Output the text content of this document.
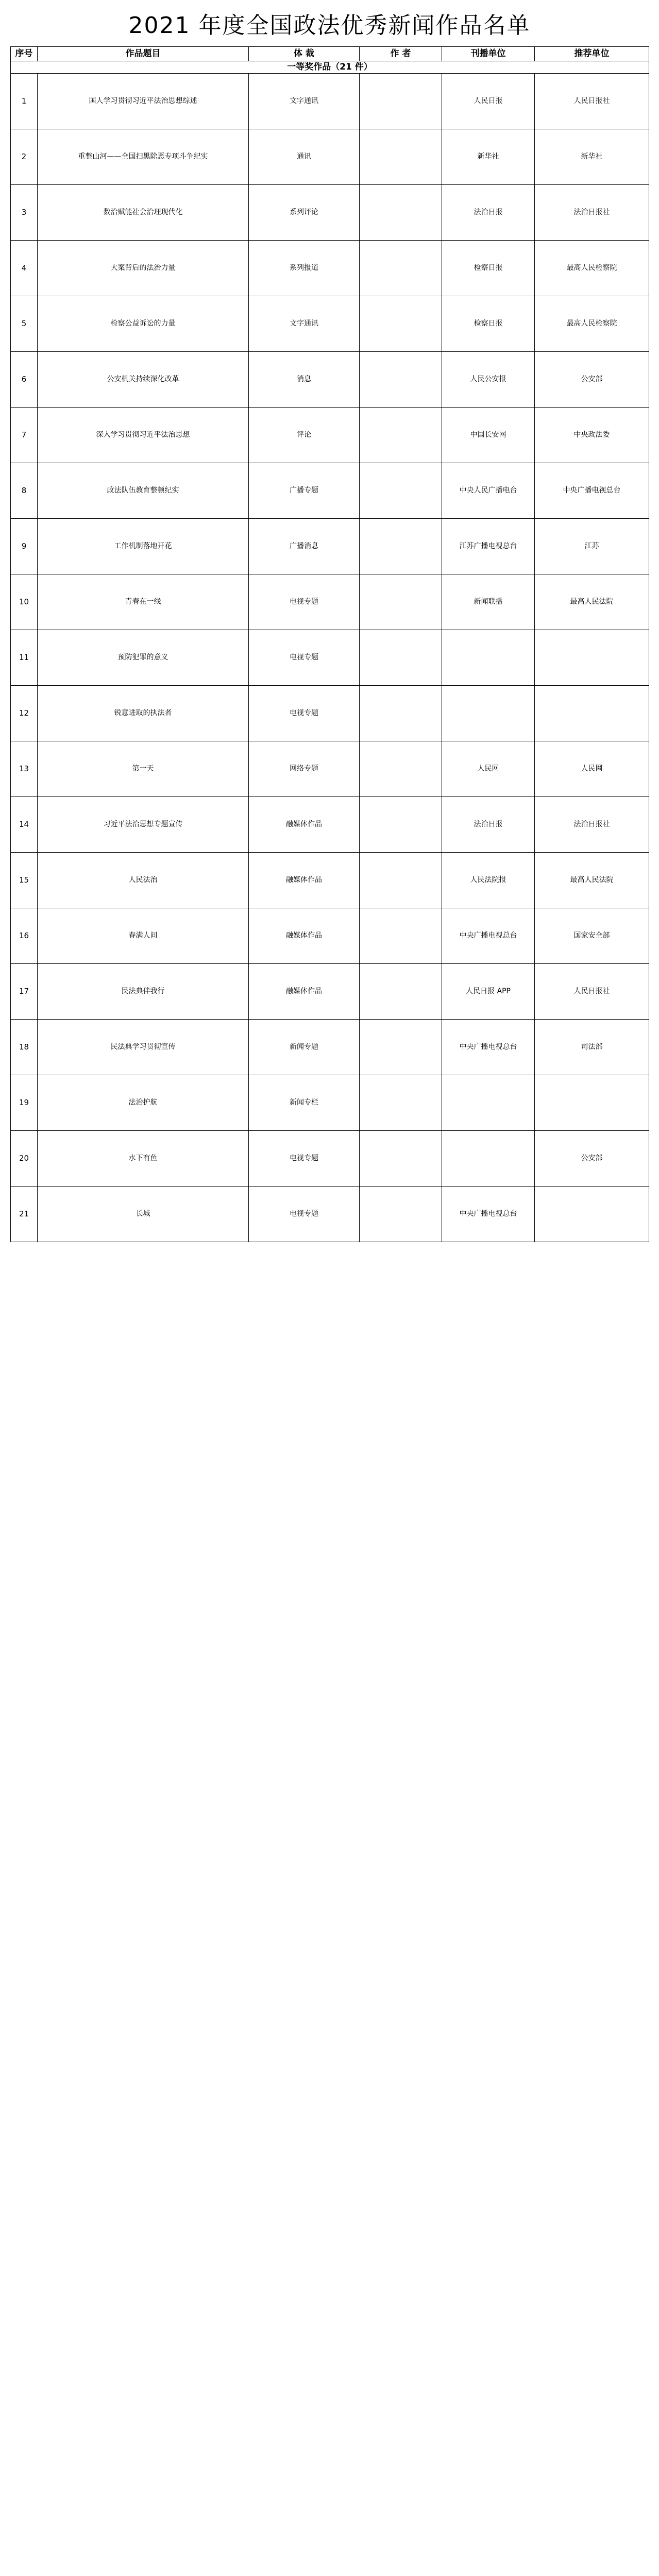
2021 年度全国政法优秀新闻作品名单
序号	作品题目	体 裁	作 者	刊播单位	推荐单位
一等奖作品（21 件）					
1	国人学习贯彻习近平法治思想综述	文字通讯		人民日报	人民日报社
2	重整山河——全国扫黑除恶专项斗争纪实	通讯		新华社	新华社
3	数治赋能社会治理现代化	系列评论		法治日报	法治日报社
4	大案背后的法治力量	系列报道		检察日报	最高人民检察院
5	检察公益诉讼的力量	文字通讯		检察日报	最高人民检察院
6	公安机关持续深化改革	消息		人民公安报	公安部
7	深入学习贯彻习近平法治思想	评论		中国长安网	中央政法委
8	政法队伍教育整顿纪实	广播专题		中央人民广播电台	中央广播电视总台
9	工作机制落地开花	广播消息		江苏广播电视总台	江苏
10	青春在一线	电视专题		新闻联播	最高人民法院
11	预防犯罪的意义	电视专题			
12	锐意进取的执法者	电视专题			
13	第一天	网络专题		人民网	人民网
14	习近平法治思想专题宣传	融媒体作品		法治日报	法治日报社
15	人民法治	融媒体作品		人民法院报	最高人民法院
16	春满人间	融媒体作品		中央广播电视总台	国家安全部
17	民法典伴我行	融媒体作品		人民日报 APP	人民日报社
18	民法典学习贯彻宣传	新闻专题		中央广播电视总台	司法部
19	法治护航	新闻专栏			
20	水下有鱼	电视专题			公安部
21	长城	电视专题		中央广播电视总台	
